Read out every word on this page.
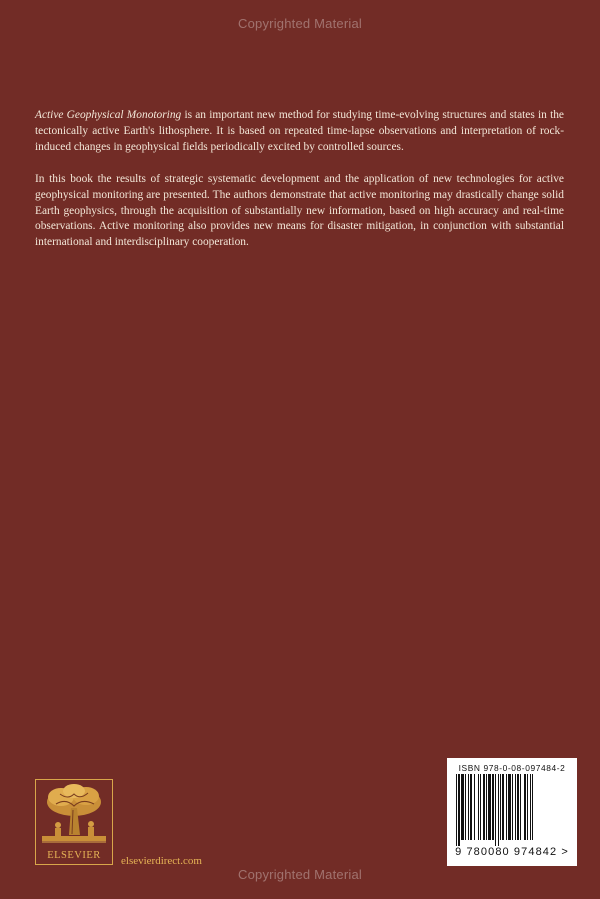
Copyrighted Material

Active Geophysical Monotoring is an important new method for studying time-evolving structures and states in the tectonically active Earth's lithosphere. It is based on repeated time-lapse observations and interpretation of rock-induced changes in geophysical fields periodically excited by controlled sources.

In this book the results of strategic systematic development and the application of new technologies for active geophysical monitoring are presented. The authors demonstrate that active monitoring may drastically change solid Earth geophysics, through the acquisition of substantially new information, based on high accuracy and real-time observations. Active monitoring also provides new means for disaster mitigation, in conjunction with substantial international and interdisciplinary cooperation.

ELSEVIER	elsevierdirect.com
ISBN 978-0-08-097484-2
9 780080 974842 >
Copyrighted Material
